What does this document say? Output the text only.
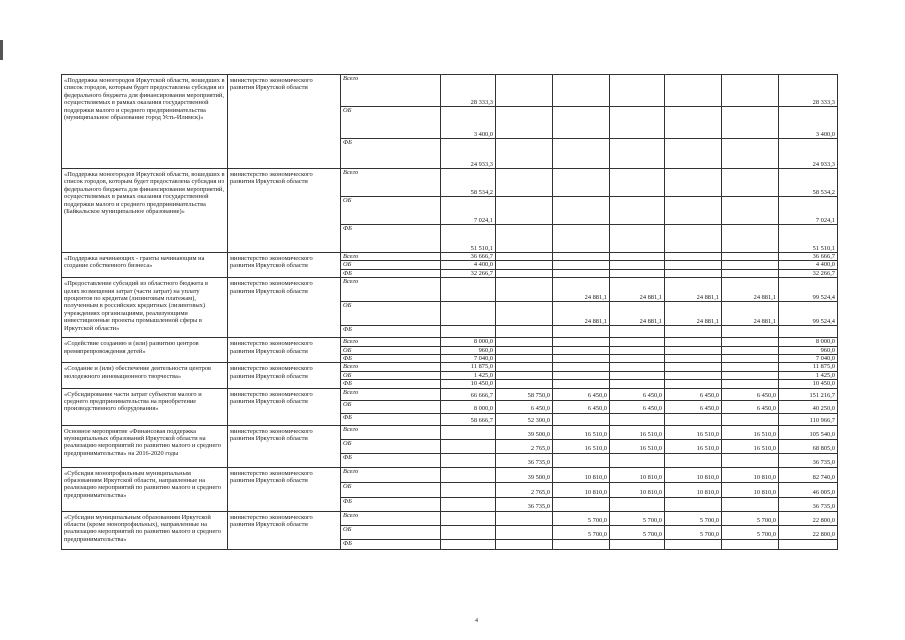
«Поддержка моногородов Иркутской области, вошедших в список городов, которым будет предоставлена субсидия из федерального бюджета для финансирования мероприятий, осуществляемых в рамках оказания государственной поддержки малого и среднего предпринимательства (муниципальное образование город Усть-Илимск)»	министерство экономического развития Иркутской области	Всего	28 333,3						28 333,3
		ОБ	3 400,0						3 400,0
		ФБ	24 933,3						24 933,3
«Поддержка моногородов Иркутской области, вошедших в список городов, которым будет предоставлена субсидия из федерального бюджета для финансирования мероприятий, осуществляемых в рамках оказания государственной поддержки малого и среднего предпринимательства (Байкальское муниципальное образование)»	министерство экономического развития Иркутской области	Всего	58 534,2						58 534,2
		ОБ	7 024,1						7 024,1
		ФБ	51 510,1						51 510,1
«Поддержка начинающих - гранты начинающим на создание собственного бизнеса»	министерство экономического развития Иркутской области	Всего	36 666,7						36 666,7
		ОБ	4 400,0						4 400,0
		ФБ	32 266,7						32 266,7
«Предоставление субсидий из областного бюджета в целях возмещения затрат (части затрат) на уплату процентов по кредитам (лизинговым платежам), полученным в российских кредитных (лизинговых) учреждениях организациями, реализующими инвестиционные проекты промышленной сферы в Иркутской области»	министерство экономического развития Иркутской области	Всего			24 881,1	24 881,1	24 881,1	24 881,1	99 524,4
		ОБ			24 881,1	24 881,1	24 881,1	24 881,1	99 524,4
		ФБ							
«Содействие созданию и (или) развитию центров времяпрепровождения детей»	министерство экономического развития Иркутской области	Всего	8 000,0						8 000,0
		ОБ	960,0						960,0
		ФБ	7 040,0						7 040,0
«Создание и (или) обеспечение деятельности центров молодежного инновационного творчества»	министерство экономического развития Иркутской области	Всего	11 875,0						11 875,0
		ОБ	1 425,0						1 425,0
		ФБ	10 450,0						10 450,0
«Субсидирование части затрат субъектов малого и среднего предпринимательства на приобретение производственного оборудования»	министерство экономического развития Иркутской области	Всего	66 666,7	58 750,0	6 450,0	6 450,0	6 450,0	6 450,0	151 216,7
		ОБ	8 000,0	6 450,0	6 450,0	6 450,0	6 450,0	6 450,0	40 250,0
		ФБ	58 666,7	52 300,0					110 966,7
Основное мероприятие «Финансовая поддержка муниципальных образований Иркутской области на реализацию мероприятий по развитию малого и среднего предпринимательства» на 2016-2020 годы	министерство экономического развития Иркутской области	Всего		39 500,0	16 510,0	16 510,0	16 510,0	16 510,0	105 540,0
		ОБ		2 765,0	16 510,0	16 510,0	16 510,0	16 510,0	68 805,0
		ФБ		36 735,0					36 735,0
«Субсидия монопрофильным муниципальным образованиям Иркутской области, направленные на реализацию мероприятий по развитию малого и среднего предпринимательства»	министерство экономического развития Иркутской области	Всего		39 500,0	10 810,0	10 810,0	10 810,0	10 810,0	82 740,0
		ОБ		2 765,0	10 810,0	10 810,0	10 810,0	10 810,0	46 005,0
		ФБ		36 735,0					36 735,0
«Субсидии муниципальным образованиям Иркутской области (кроме монопрофильных), направленные на реализацию мероприятий по развитию малого и среднего предпринимательства»	министерство экономического развития Иркутской области	Всего			5 700,0	5 700,0	5 700,0	5 700,0	22 800,0
		ОБ			5 700,0	5 700,0	5 700,0	5 700,0	22 800,0
		ФБ							
4
